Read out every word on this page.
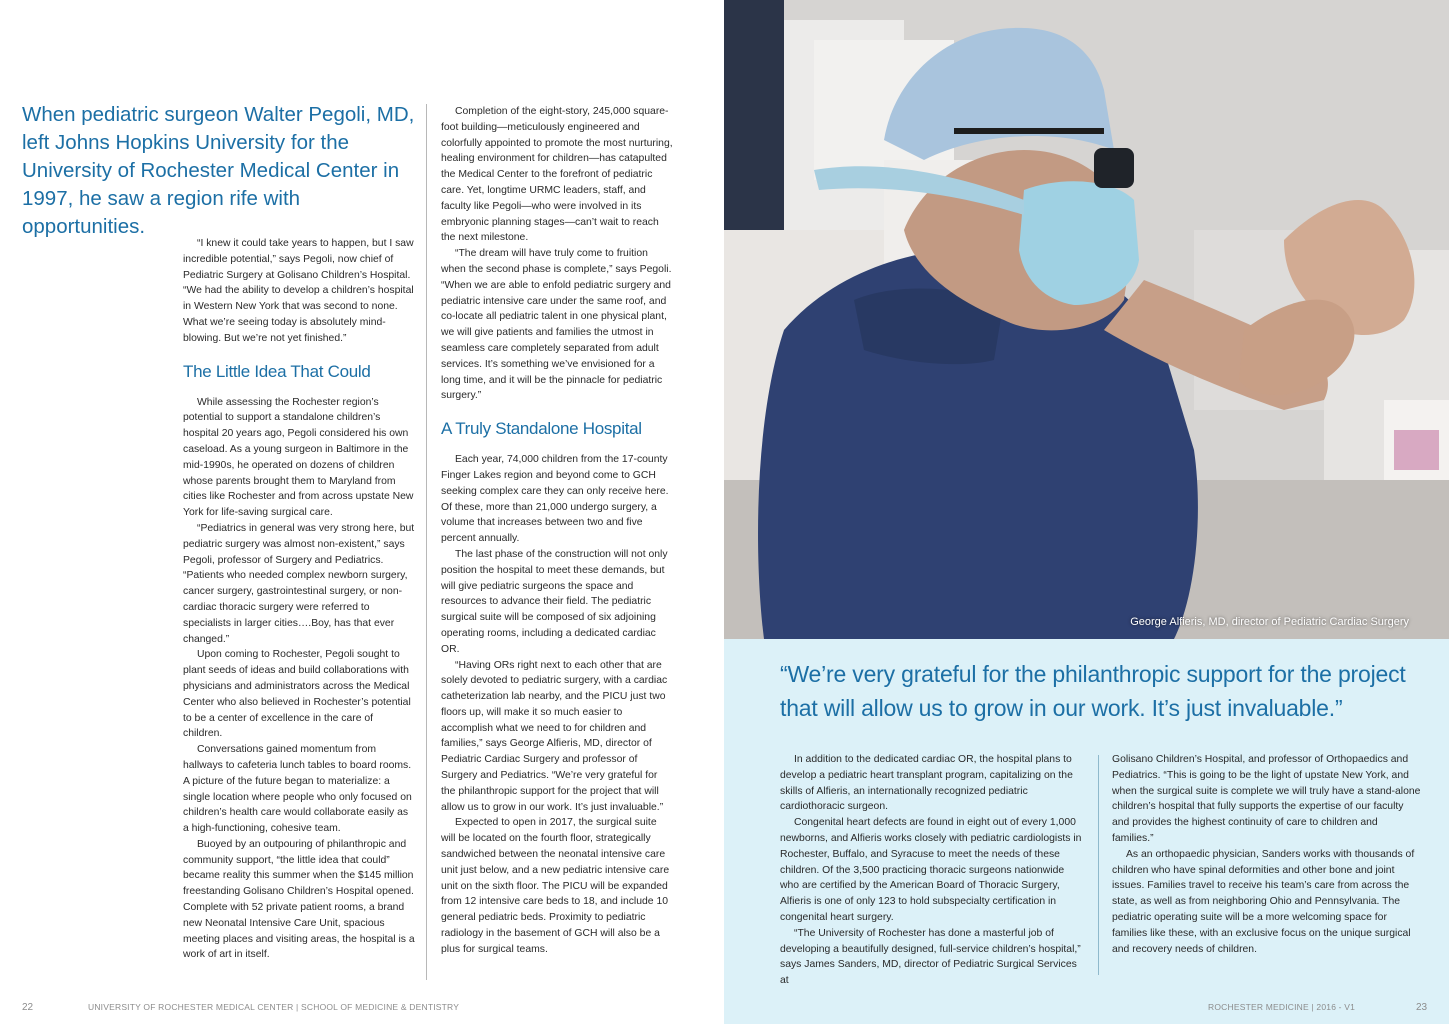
When pediatric surgeon Walter Pegoli, MD, left Johns Hopkins University for the University of Rochester Medical Center in 1997, he saw a region rife with opportunities.

“I knew it could take years to happen, but I saw incredible potential,” says Pegoli, now chief of Pediatric Surgery at Golisano Children’s Hospital. “We had the ability to develop a children’s hospital in Western New York that was second to none. What we’re seeing today is absolutely mind-blowing. But we’re not yet finished.”

The Little Idea That Could

While assessing the Rochester region’s potential to support a standalone children’s hospital 20 years ago, Pegoli considered his own caseload. As a young surgeon in Baltimore in the mid-1990s, he operated on dozens of children whose parents brought them to Maryland from cities like Rochester and from across upstate New York for life-saving surgical care.

“Pediatrics in general was very strong here, but pediatric surgery was almost non-existent,” says Pegoli, professor of Surgery and Pediatrics. “Patients who needed complex newborn surgery, cancer surgery, gastrointestinal surgery, or non-cardiac thoracic surgery were referred to specialists in larger cities….Boy, has that ever changed.”

Upon coming to Rochester, Pegoli sought to plant seeds of ideas and build collaborations with physicians and administrators across the Medical Center who also believed in Rochester’s potential to be a center of excellence in the care of children.

Conversations gained momentum from hallways to cafeteria lunch tables to board rooms. A picture of the future began to materialize: a single location where people who only focused on children’s health care would collaborate easily as a high-functioning, cohesive team.

Buoyed by an outpouring of philanthropic and community support, “the little idea that could” became reality this summer when the $145 million freestanding Golisano Children’s Hospital opened. Complete with 52 private patient rooms, a brand new Neonatal Intensive Care Unit, spacious meeting places and visiting areas, the hospital is a work of art in itself.

Completion of the eight-story, 245,000 square-foot building—meticulously engineered and colorfully appointed to promote the most nurturing, healing environment for children—has catapulted the Medical Center to the forefront of pediatric care. Yet, longtime URMC leaders, staff, and faculty like Pegoli—who were involved in its embryonic planning stages—can’t wait to reach the next milestone.

“The dream will have truly come to fruition when the second phase is complete,” says Pegoli. “When we are able to enfold pediatric surgery and pediatric intensive care under the same roof, and co-locate all pediatric talent in one physical plant, we will give patients and families the utmost in seamless care completely separated from adult services. It’s something we’ve envisioned for a long time, and it will be the pinnacle for pediatric surgery.”

A Truly Standalone Hospital

Each year, 74,000 children from the 17-county Finger Lakes region and beyond come to GCH seeking complex care they can only receive here. Of these, more than 21,000 undergo surgery, a volume that increases between two and five percent annually.

The last phase of the construction will not only position the hospital to meet these demands, but will give pediatric surgeons the space and resources to advance their field. The pediatric surgical suite will be composed of six adjoining operating rooms, including a dedicated cardiac OR.

“Having ORs right next to each other that are solely devoted to pediatric surgery, with a cardiac catheterization lab nearby, and the PICU just two floors up, will make it so much easier to accomplish what we need to for children and families,” says George Alfieris, MD, director of Pediatric Cardiac Surgery and professor of Surgery and Pediatrics. “We’re very grateful for the philanthropic support for the project that will allow us to grow in our work. It’s just invaluable.”

Expected to open in 2017, the surgical suite will be located on the fourth floor, strategically sandwiched between the neonatal intensive care unit just below, and a new pediatric intensive care unit on the sixth floor. The PICU will be expanded from 12 intensive care beds to 18, and include 10 general pediatric beds. Proximity to pediatric radiology in the basement of GCH will also be a plus for surgical teams.

George Alfieris, MD, director of Pediatric Cardiac Surgery
“We’re very grateful for the philanthropic support for the project that will allow us to grow in our work. It’s just invaluable.”

In addition to the dedicated cardiac OR, the hospital plans to develop a pediatric heart transplant program, capitalizing on the skills of Alfieris, an internationally recognized pediatric cardiothoracic surgeon.

Congenital heart defects are found in eight out of every 1,000 newborns, and Alfieris works closely with pediatric cardiologists in Rochester, Buffalo, and Syracuse to meet the needs of these children. Of the 3,500 practicing thoracic surgeons nationwide who are certified by the American Board of Thoracic Surgery, Alfieris is one of only 123 to hold subspecialty certification in congenital heart surgery.

“The University of Rochester has done a masterful job of developing a beautifully designed, full-service children’s hospital,” says James Sanders, MD, director of Pediatric Surgical Services at

Golisano Children’s Hospital, and professor of Orthopaedics and Pediatrics. “This is going to be the light of upstate New York, and when the surgical suite is complete we will truly have a stand-alone children’s hospital that fully supports the expertise of our faculty and provides the highest continuity of care to children and families.”

As an orthopaedic physician, Sanders works with thousands of children who have spinal deformities and other bone and joint issues. Families travel to receive his team’s care from across the state, as well as from neighboring Ohio and Pennsylvania. The pediatric operating suite will be a more welcoming space for families like these, with an exclusive focus on the unique surgical and recovery needs of children.

22	UNIVERSITY OF ROCHESTER MEDICAL CENTER | SCHOOL OF MEDICINE & DENTISTRY	ROCHESTER MEDICINE | 2016 - V1	23
